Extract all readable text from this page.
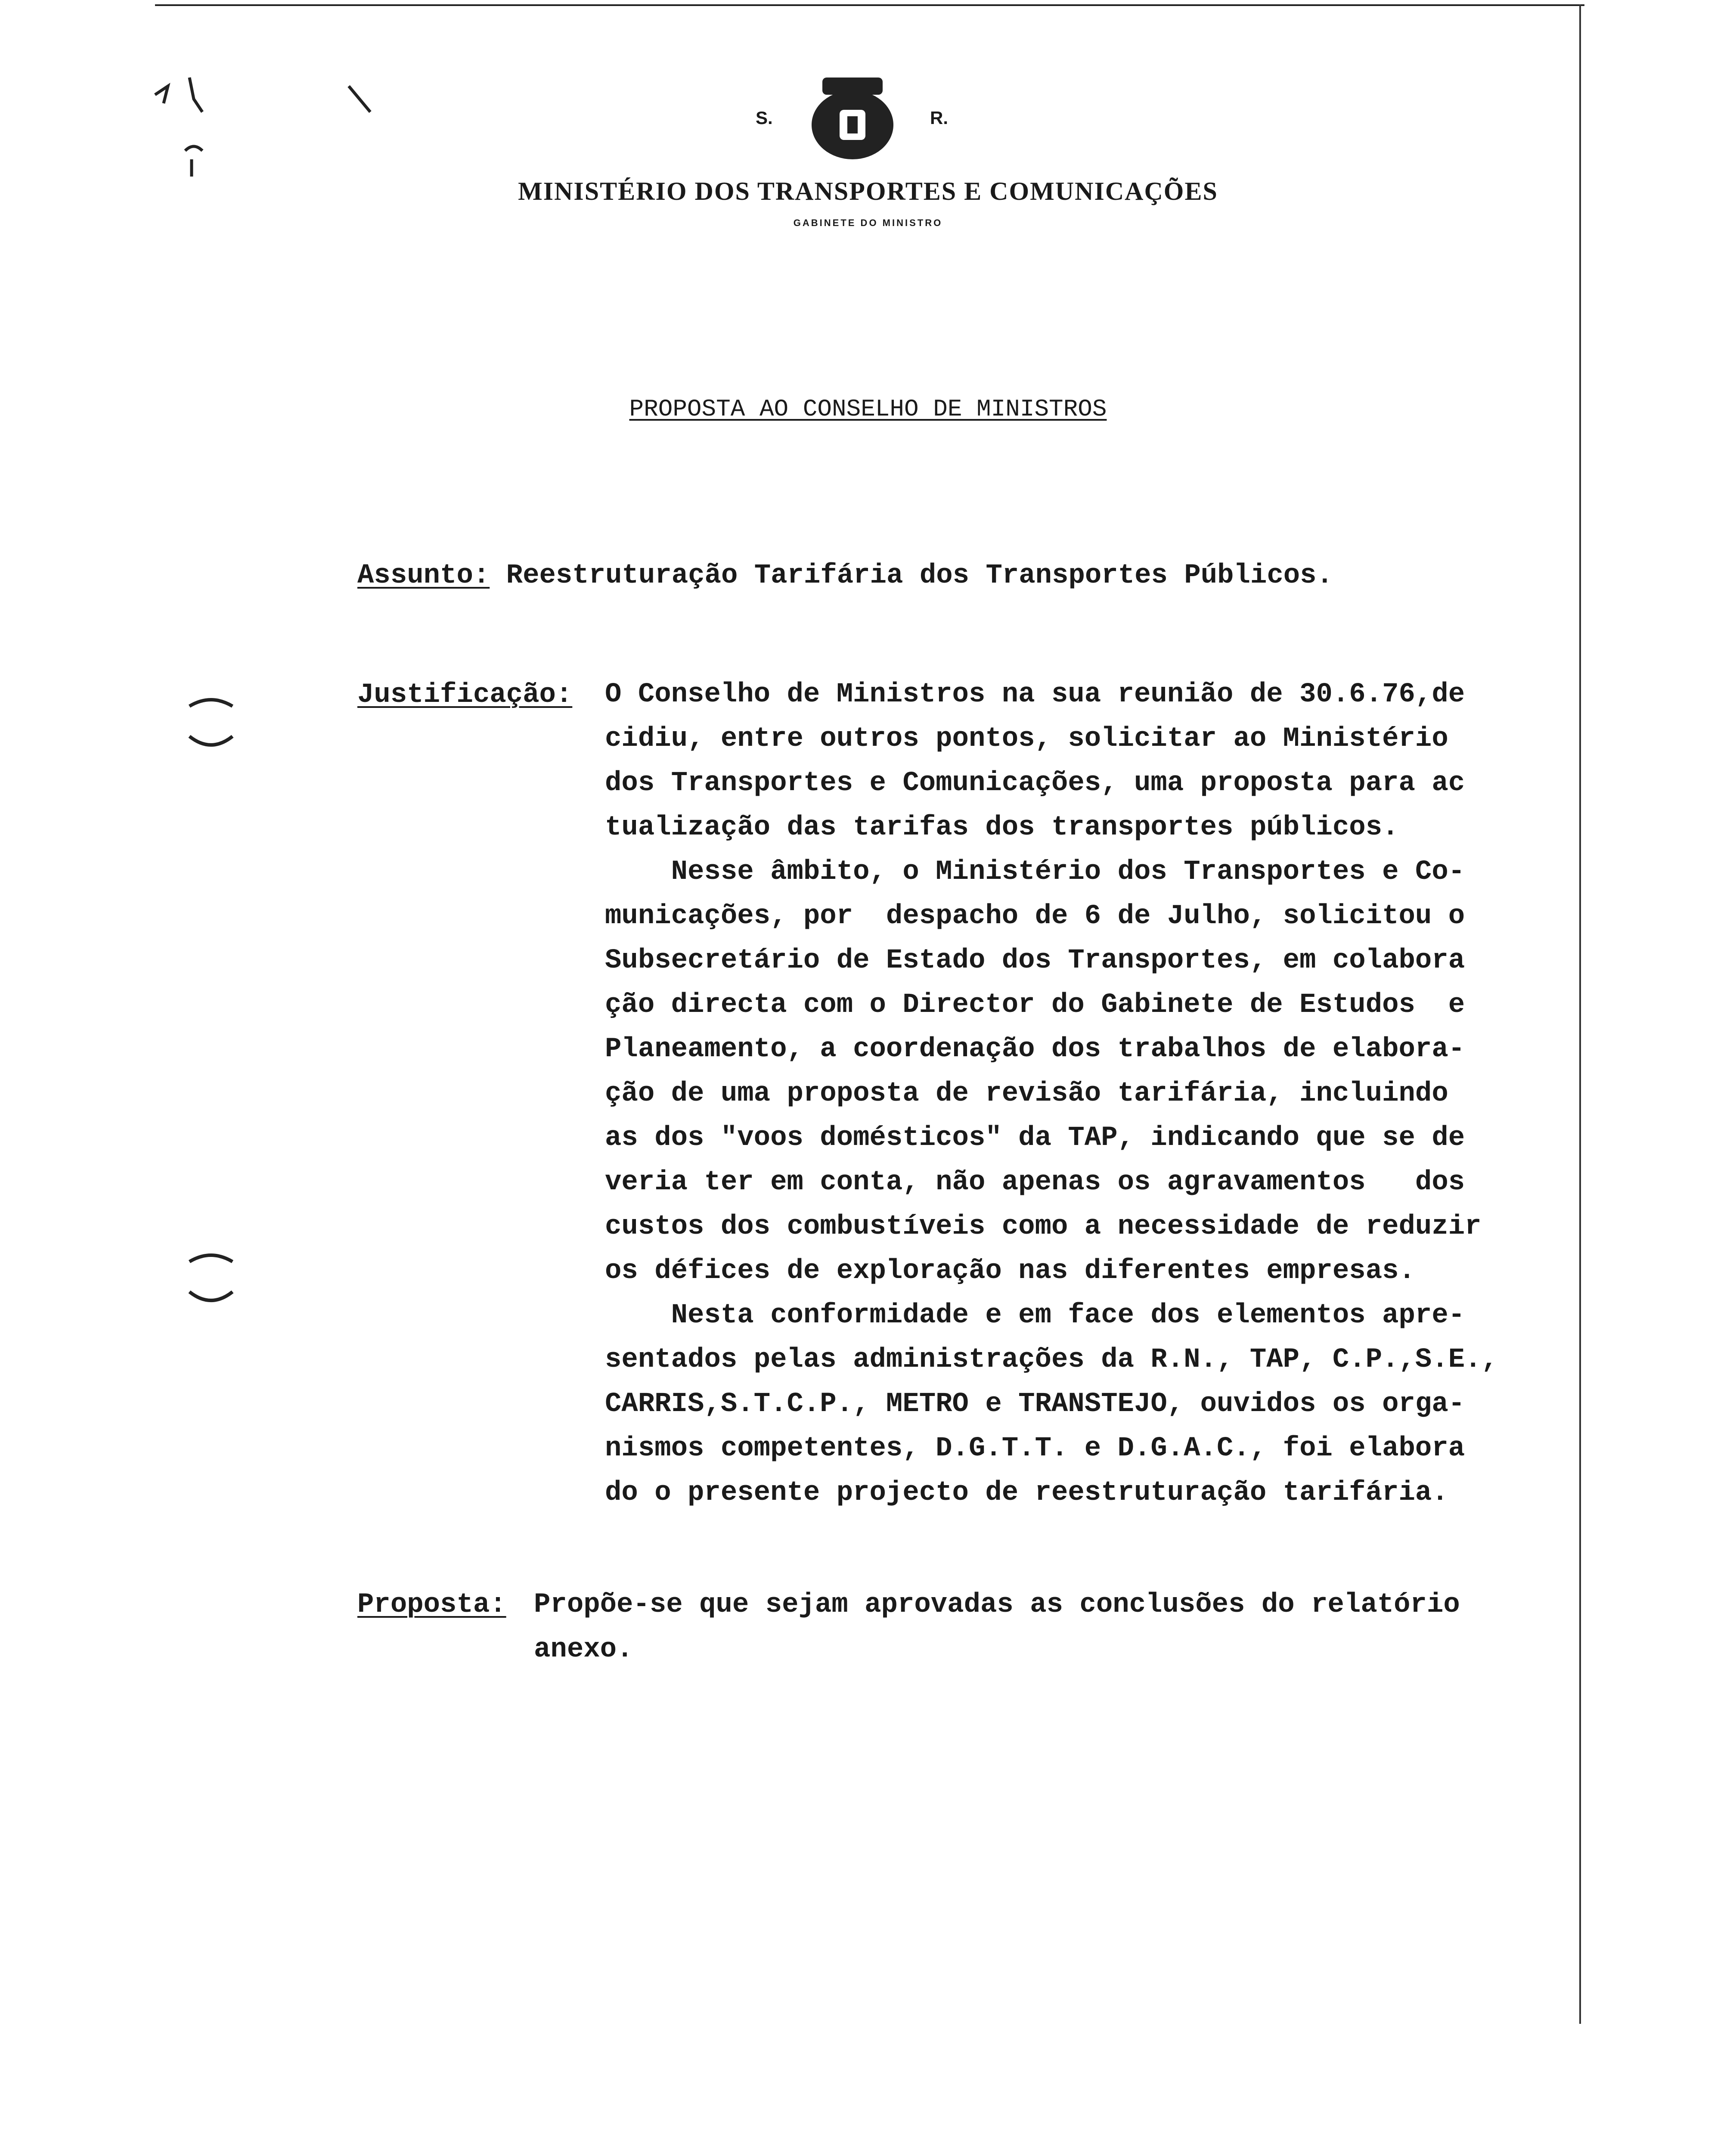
S.	R.
MINISTÉRIO DOS TRANSPORTES E COMUNICAÇÕES
GABINETE DO MINISTRO
PROPOSTA AO CONSELHO DE MINISTROS
Assunto: Reestruturação Tarifária dos Transportes Públicos.
Justificação: O Conselho de Ministros na sua reunião de 30.6.76,de
cidiu, entre outros pontos, solicitar ao Ministério
dos Transportes e Comunicações, uma proposta para ac
tualização das tarifas dos transportes públicos.
Nesse âmbito, o Ministério dos Transportes e Co-
municações, por  despacho de 6 de Julho, solicitou o
Subsecretário de Estado dos Transportes, em colabora
ção directa com o Director do Gabinete de Estudos  e
Planeamento, a coordenação dos trabalhos de elabora-
ção de uma proposta de revisão tarifária, incluindo
as dos "voos domésticos" da TAP, indicando que se de
veria ter em conta, não apenas os agravamentos   dos
custos dos combustíveis como a necessidade de reduzir
os défices de exploração nas diferentes empresas.
Nesta conformidade e em face dos elementos apre-
sentados pelas administrações da R.N., TAP, C.P.,S.E.,
CARRIS,S.T.C.P., METRO e TRANSTEJO, ouvidos os orga-
nismos competentes, D.G.T.T. e D.G.A.C., foi elabora
do o presente projecto de reestruturação tarifária.
Proposta: Propõe-se que sejam aprovadas as conclusões do relatório
anexo.
